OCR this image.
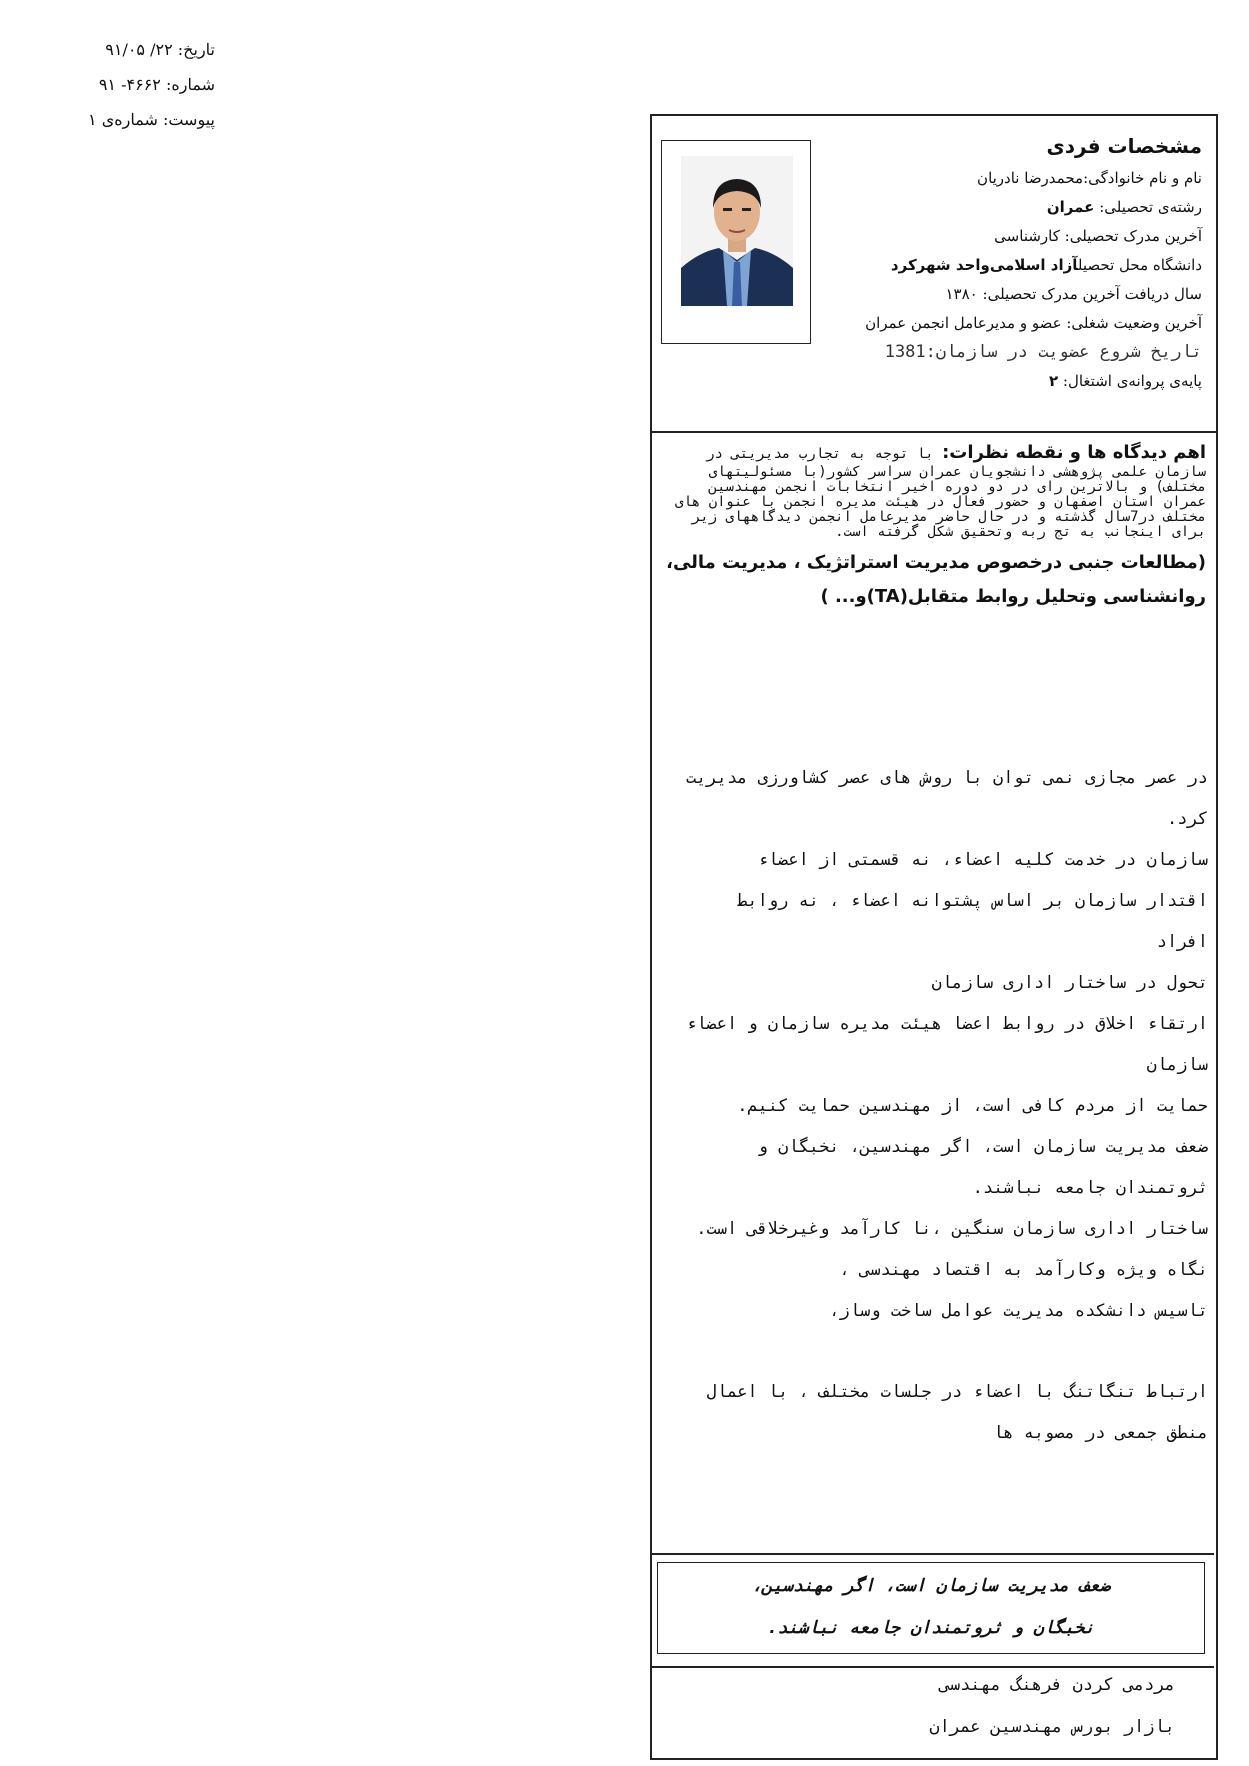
تاریخ: ۲۲/ ۹۱/۰۵
شماره: ۴۶۶۲- ۹۱
پیوست: شماره‌ی ۱
مشخصات فردی
نام و نام خانوادگی:محمدرضا نادریان
رشته‌ی تحصیلی: عمران
آخرین مدرک تحصیلی: کارشناسی
دانشگاه محل تحصیلآزاد اسلامی‌واحد شهرکرد
سال دریافت آخرین مدرک تحصیلی: ۱۳۸۰
آخرین وضعیت شغلی: عضو و مدیرعامل انجمن عمران
تاریخ شروع عضویت در سازمان:1381
پایه‌ی پروانه‌ی اشتغال: ۲
اهم دیدگاه ها و نقطه نظرات: با توجه به تجارب مدیریتی در سازمان علمی پژوهشی دانشجویان عمران سراسر کشور(با مسئولیتهای مختلف) و بالاترین رای در دو دوره اخیر انتخابات انجمن مهندسین عمران استان اصفهان و حضور فعال در هیئت مدیره انجمن با عنوان های مختلف در7سال گذشته و در حال حاضر مدیرعامل انجمن دیدگاههای زیر برای اینجانب به تج ربه وتحقیق شکل گرفته است.
(مطالعات جنبی درخصوص مدیریت استراتژیک ، مدیریت مالی، روانشناسی وتحلیل روابط متقابل(TA)و... )
در عصر مجازی نمی توان با روش های عصر کشاورزی مدیریت کرد.
سازمان در خدمت کلیه اعضاء، نه قسمتی از اعضاء
اقتدار سازمان بر اساس پشتوانه اعضاء ، نه روابط افراد
تحول در ساختار اداری سازمان
ارتقاء اخلاق در روابط اعضا هیئت مدیره سازمان و اعضاء سازمان
حمایت از مردم کافی است، از مهندسین حمایت کنیم.
ضعف مدیریت سازمان است، اگر مهندسین، نخبگان و ثروتمندان جامعه نباشند.
ساختار اداری سازمان سنگین ،نا کارآمد وغیرخلاقی است.
نگاه ویژه وکارآمد به اقتصاد مهندسی ،
تاسیس دانشکده مدیریت عوامل ساخت وساز،
ارتباط تنگاتنگ با اعضاء در جلسات مختلف ، با اعمال منطق جمعی در مصوبه ها
ضعف مدیریت سازمان است، اگر مهندسین،
نخبگان و ثروتمندان جامعه نباشند.
مردمی کردن فرهنگ مهندسی
بازار بورس مهندسین عمران
